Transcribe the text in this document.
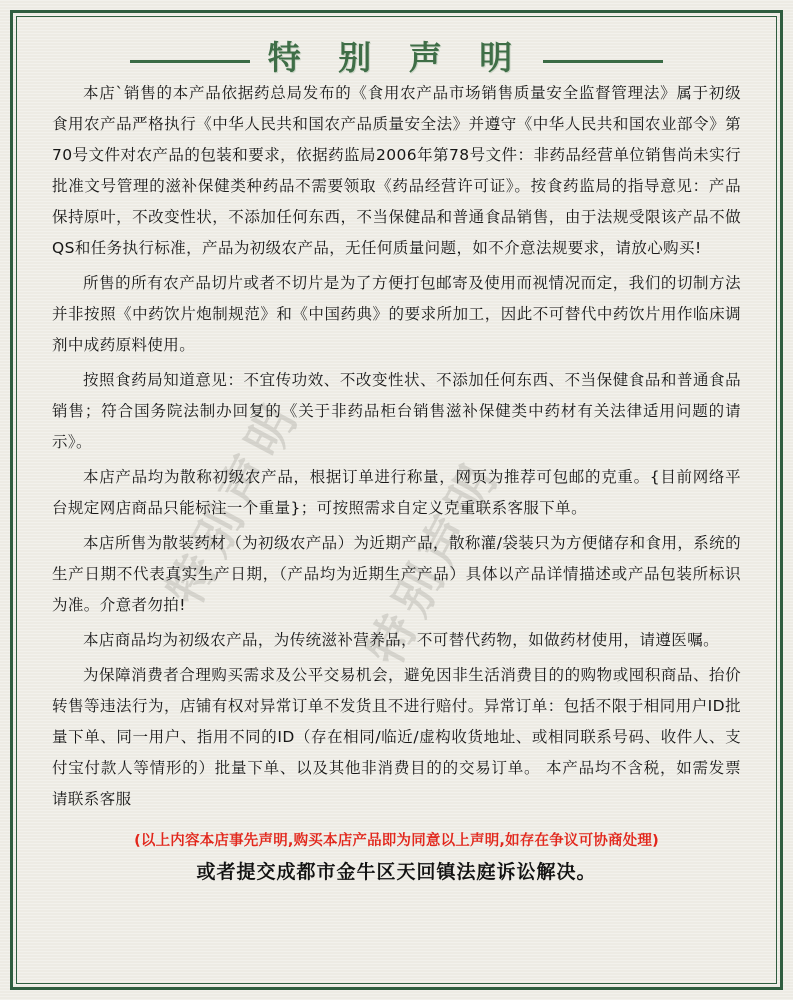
特别声明 特别声明
特 别 声 明

本店`销售的本产品依据药总局发布的《食用农产品市场销售质量安全监督管理法》属于初级食用农产品严格执行《中华人民共和国农产品质量安全法》并遵守《中华人民共和国农业部令》第70号文件对农产品的包装和要求，依据药监局2006年第78号文件：非药品经营单位销售尚未实行批准文号管理的滋补保健类种药品不需要领取《药品经营许可证》。按食药监局的指导意见：产品保持原叶，不改变性状，不添加任何东西，不当保健品和普通食品销售，由于法规受限该产品不做QS和任务执行标准，产品为初级农产品，无任何质量问题，如不介意法规要求，请放心购买!

所售的所有农产品切片或者不切片是为了方便打包邮寄及使用而视情况而定，我们的切制方法并非按照《中药饮片炮制规范》和《中国药典》的要求所加工，因此不可替代中药饮片用作临床调剂中成药原料使用。

按照食药局知道意见：不宜传功效、不改变性状、不添加任何东西、不当保健食品和普通食品销售；符合国务院法制办回复的《关于非药品柜台销售滋补保健类中药材有关法律适用问题的请示》。

本店产品均为散称初级农产品，根据订单进行称量，网页为推荐可包邮的克重。{目前网络平台规定网店商品只能标注一个重量}；可按照需求自定义克重联系客服下单。

本店所售为散装药材（为初级农产品）为近期产品，散称灌/袋装只为方便储存和食用，系统的生产日期不代表真实生产日期，（产品均为近期生产产品）具体以产品详情描述或产品包装所标识为准。介意者勿拍!

本店商品均为初级农产品，为传统滋补营养品，不可替代药物，如做药材使用，请遵医嘱。

为保障消费者合理购买需求及公平交易机会，避免因非生活消费目的的购物或囤积商品、抬价转售等违法行为，店铺有权对异常订单不发货且不进行赔付。异常订单：包括不限于相同用户ID批量下单、同一用户、指用不同的ID（存在相同/临近/虚构收货地址、或相同联系号码、收件人、支付宝付款人等情形的）批量下单、以及其他非消费目的的交易订单。 本产品均不含税，如需发票请联系客服

(以上内容本店事先声明,购买本店产品即为同意以上声明,如存在争议可协商处理)
或者提交成都市金牛区天回镇法庭诉讼解决。
